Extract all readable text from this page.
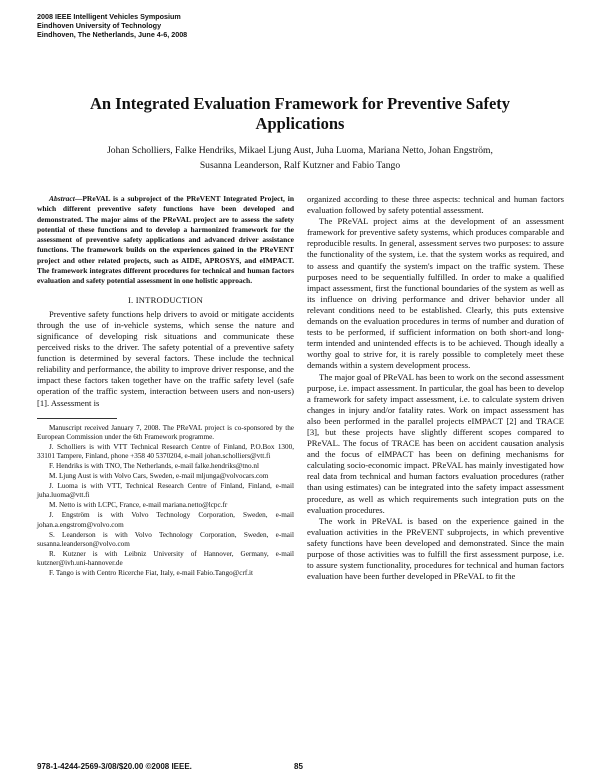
2008 IEEE Intelligent Vehicles Symposium
Eindhoven University of Technology
Eindhoven, The Netherlands, June 4-6, 2008
An Integrated Evaluation Framework for Preventive Safety Applications
Johan Scholliers, Falke Hendriks, Mikael Ljung Aust, Juha Luoma, Mariana Netto, Johan Engström,
Susanna Leanderson, Ralf Kutzner and Fabio Tango

Abstract—PReVAL is a subproject of the PReVENT Integrated Project, in which different preventive safety functions have been developed and demonstrated. The major aims of the PReVAL project are to assess the safety potential of these functions and to develop a harmonized framework for the assessment of preventive safety applications and advanced driver assistance functions. The framework builds on the experiences gained in the PReVENT project and other related projects, such as AIDE, APROSYS, and eIMPACT. The framework integrates different procedures for technical and human factors evaluation and safety potential assessment in one holistic approach.

I. INTRODUCTION

Preventive safety functions help drivers to avoid or mitigate accidents through the use of in-vehicle systems, which sense the nature and significance of developing risk situations and communicate these perceived risks to the driver. The safety potential of a preventive safety function is determined by several factors. These include the technical reliability and performance, the ability to improve driver response, and the impact these factors taken together have on the traffic safety level (safe operation of the traffic system, interaction between users and non-users) [1]. Assessment is

Manuscript received January 7, 2008. The PReVAL project is co-sponsored by the European Commission under the 6th Framework programme.

J. Scholliers is with VTT Technical Research Centre of Finland, P.O.Box 1300, 33101 Tampere, Finland, phone +358 40 5370204, e-mail johan.scholliers@vtt.fi

F. Hendriks is with TNO, The Netherlands, e-mail falke.hendriks@tno.nl

M. Ljung Aust is with Volvo Cars, Sweden, e-mail mljunga@volvocars.com

J. Luoma is with VTT, Technical Research Centre of Finland, Finland, e-mail juha.luoma@vtt.fi

M. Netto is with LCPC, France, e-mail mariana.netto@lcpc.fr

J. Engström is with Volvo Technology Corporation, Sweden, e-mail johan.a.engstrom@volvo.com

S. Leanderson is with Volvo Technology Corporation, Sweden, e-mail susanna.leanderson@volvo.com

R. Kutzner is with Leibniz University of Hannover, Germany, e-mail kutzner@ivh.uni-hannover.de

F. Tango is with Centro Ricerche Fiat, Italy, e-mail Fabio.Tango@crf.it

organized according to these three aspects: technical and human factors evaluation followed by safety potential assessment.

The PReVAL project aims at the development of an assessment framework for preventive safety systems, which produces comparable and reproducible results. In general, assessment serves two purposes: to assure the functionality of the system, i.e. that the system works as required, and to assess and quantify the system's impact on the traffic system. These purposes need to be sequentially fulfilled. In order to make a qualified impact assessment, first the functional boundaries of the system as well as its influence on driving performance and driver behavior under all relevant conditions need to be established. Clearly, this puts extensive demands on the evaluation procedures in terms of number and duration of tests to be performed, if sufficient information on both short-and long-term intended and unintended effects is to be achieved. Though ideally a worthy goal to strive for, it is rarely possible to completely meet these demands within a system development process.

The major goal of PReVAL has been to work on the second assessment purpose, i.e. impact assessment. In particular, the goal has been to develop a framework for safety impact assessment, i.e. to calculate system driven changes in injury and/or fatality rates. Work on impact assessment has also been performed in the parallel projects eIMPACT [2] and TRACE [3], but these projects have slightly different scopes compared to PReVAL. The focus of TRACE has been on accident causation analysis and the focus of eIMPACT has been on defining mechanisms for calculating socio-economic impact. PReVAL has mainly investigated how real data from technical and human factors evaluation procedures (rather than using estimates) can be integrated into the safety impact assessment procedure, as well as which requirements such integration puts on the evaluation procedures.

The work in PReVAL is based on the experience gained in the evaluation activities in the PReVENT subprojects, in which preventive safety functions have been developed and demonstrated. Since the main purpose of those activities was to fulfill the first assessment purpose, i.e. to assure system functionality, procedures for technical and human factors evaluation have been further developed in PReVAL to fit the

978-1-4244-2569-3/08/$20.00 ©2008 IEEE.	85
